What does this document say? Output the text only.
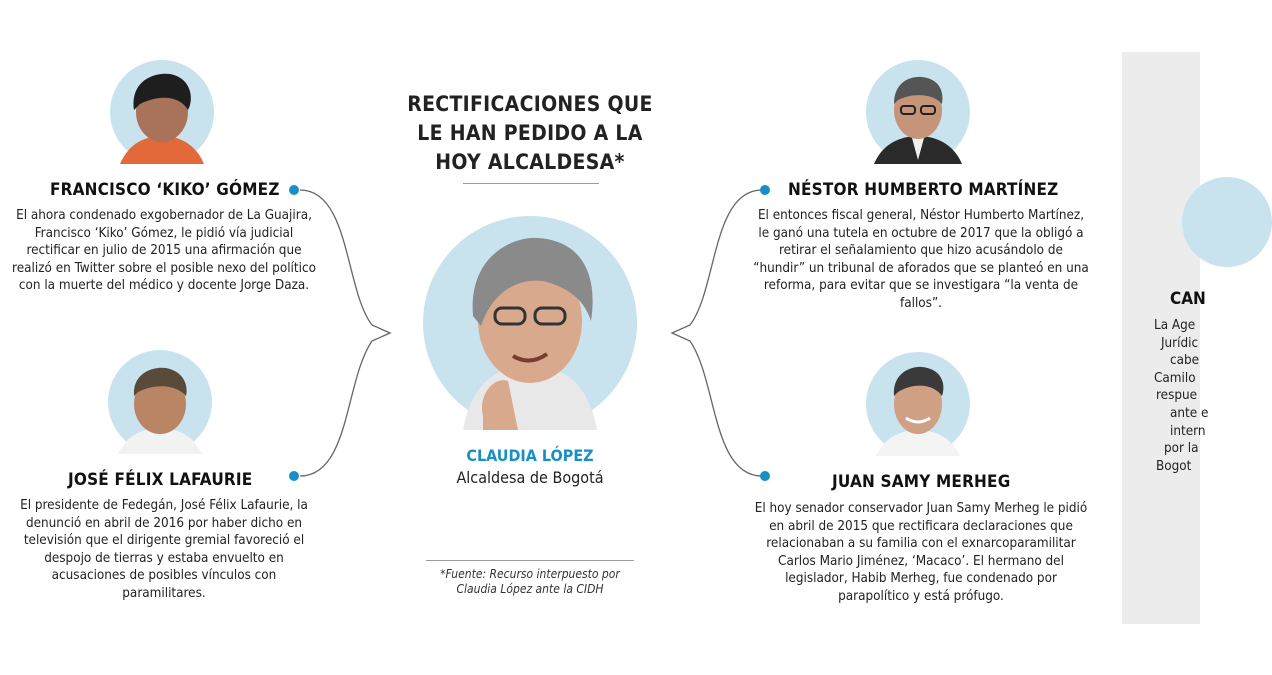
RECTIFICACIONES QUE
LE HAN PEDIDO A LA
HOY ALCALDESA*
CLAUDIA LÓPEZ
Alcaldesa de Bogotá
*Fuente: Recurso interpuesto por
Claudia López ante la CIDH
FRANCISCO ‘KIKO’ GÓMEZ
El ahora condenado exgobernador de La Guajira, Francisco ‘Kiko’ Gómez, le pidió vía judicial rectificar en julio de 2015 una afirmación que realizó en Twitter sobre el posible nexo del político con la muerte del médico y docente Jorge Daza.
JOSÉ FÉLIX LAFAURIE
El presidente de Fedegán, José Félix Lafaurie, la denunció en abril de 2016 por haber dicho en televisión que el dirigente gremial favoreció el despojo de tierras y estaba envuelto en acusaciones de posibles vínculos con paramilitares.
NÉSTOR HUMBERTO MARTÍNEZ
El entonces fiscal general, Néstor Humberto Martínez, le ganó una tutela en octubre de 2017 que la obligó a retirar el señalamiento que hizo acusándolo de “hundir” un tribunal de aforados que se planteó en una reforma, para evitar que se investigara “la venta de fallos”.
JUAN SAMY MERHEG
El hoy senador conservador Juan Samy Merheg le pidió en abril de 2015 que rectificara declaraciones que relacionaban a su familia con el exnarcoparamilitar Carlos Mario Jiménez, ‘Macaco’. El hermano del legislador, Habib Merheg, fue condenado por parapolítico y está prófugo.
CAN
La Age
Jurídic
cabe
Camilo
respue
ante e
intern
por la
Bogot
